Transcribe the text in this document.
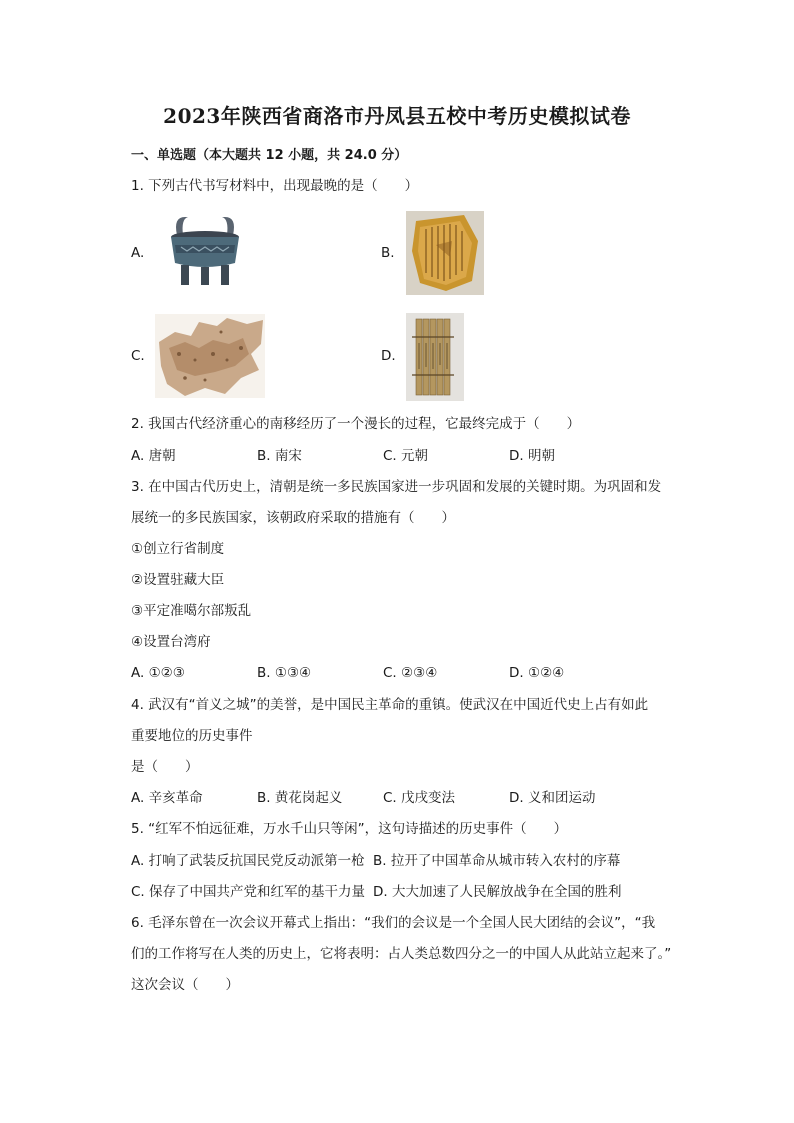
2023年陕西省商洛市丹凤县五校中考历史模拟试卷
一、单选题（本大题共 12 小题，共 24.0 分）
1. 下列古代书写材料中，出现最晚的是（　　）
A.	B.
C.	D.
2. 我国古代经济重心的南移经历了一个漫长的过程，它最终完成于（　　）
A. 唐朝	B. 南宋	C. 元朝	D. 明朝
3. 在中国古代历史上，清朝是统一多民族国家进一步巩固和发展的关键时期。为巩固和发
展统一的多民族国家，该朝政府采取的措施有（　　）
①创立行省制度
②设置驻藏大臣
③平定准噶尔部叛乱
④设置台湾府
A. ①②③	B. ①③④	C. ②③④	D. ①②④
4. 武汉有“首义之城”的美誉，是中国民主革命的重镇。使武汉在中国近代史上占有如此
重要地位的历史事件
是（　　）
A. 辛亥革命	B. 黄花岗起义	C. 戊戌变法	D. 义和团运动
5. “红军不怕远征难，万水千山只等闲”，这句诗描述的历史事件（　　）
A. 打响了武装反抗国民党反动派第一枪 B. 拉开了中国革命从城市转入农村的序幕
C. 保存了中国共产党和红军的基干力量 D. 大大加速了人民解放战争在全国的胜利
6. 毛泽东曾在一次会议开幕式上指出：“我们的会议是一个全国人民大团结的会议”，“我
们的工作将写在人类的历史上，它将表明：占人类总数四分之一的中国人从此站立起来了。”
这次会议（　　）
